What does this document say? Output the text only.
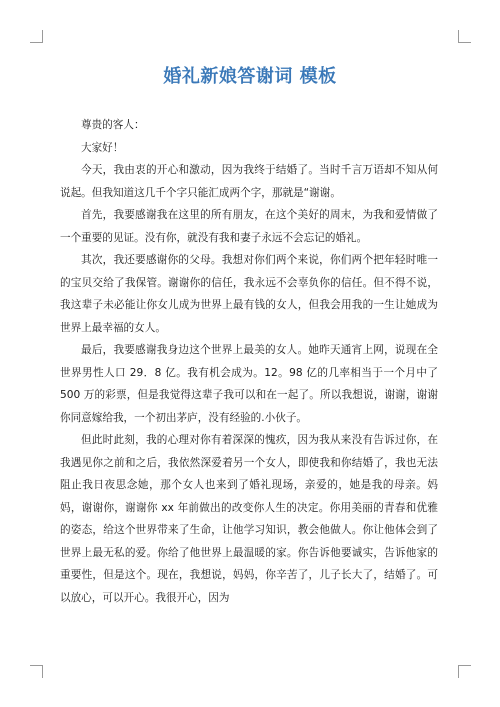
婚礼新娘答谢词 模板

尊贵的客人：

大家好！

今天，我由衷的开心和激动，因为我终于结婚了。当时千言万语却不知从何说起。但我知道这几千个字只能汇成两个字，那就是“谢谢。

首先，我要感谢我在这里的所有朋友，在这个美好的周末，为我和爱情做了一个重要的见证。没有你，就没有我和妻子永远不会忘记的婚礼。

其次，我还要感谢你的父母。我想对你们两个来说，你们两个把年轻时唯一的宝贝交给了我保管。谢谢你的信任，我永远不会辜负你的信任。但不得不说，我这辈子未必能让你女儿成为世界上最有钱的女人，但我会用我的一生让她成为世界上最幸福的女人。

最后，我要感谢我身边这个世界上最美的女人。她昨天通宵上网，说现在全世界男性人口 29．8 亿。我有机会成为。12。98 亿的几率相当于一个月中了 500 万的彩票，但是我觉得这辈子我可以和在一起了。所以我想说，谢谢，谢谢你同意嫁给我，一个初出茅庐，没有经验的.小伙子。

但此时此刻，我的心理对你有着深深的愧疚，因为我从来没有告诉过你，在我遇见你之前和之后，我依然深爱着另一个女人，即使我和你结婚了，我也无法阻止我日夜思念她，那个女人也来到了婚礼现场，亲爱的，她是我的母亲。妈妈，谢谢你，谢谢你 xx 年前做出的改变你人生的决定。你用美丽的青春和优雅的姿态，给这个世界带来了生命，让他学习知识，教会他做人。你让他体会到了世界上最无私的爱。你给了他世界上最温暖的家。你告诉他要诚实，告诉他家的重要性，但是这个。现在，我想说，妈妈，你辛苦了，儿子长大了，结婚了。可以放心，可以开心。我很开心，因为
